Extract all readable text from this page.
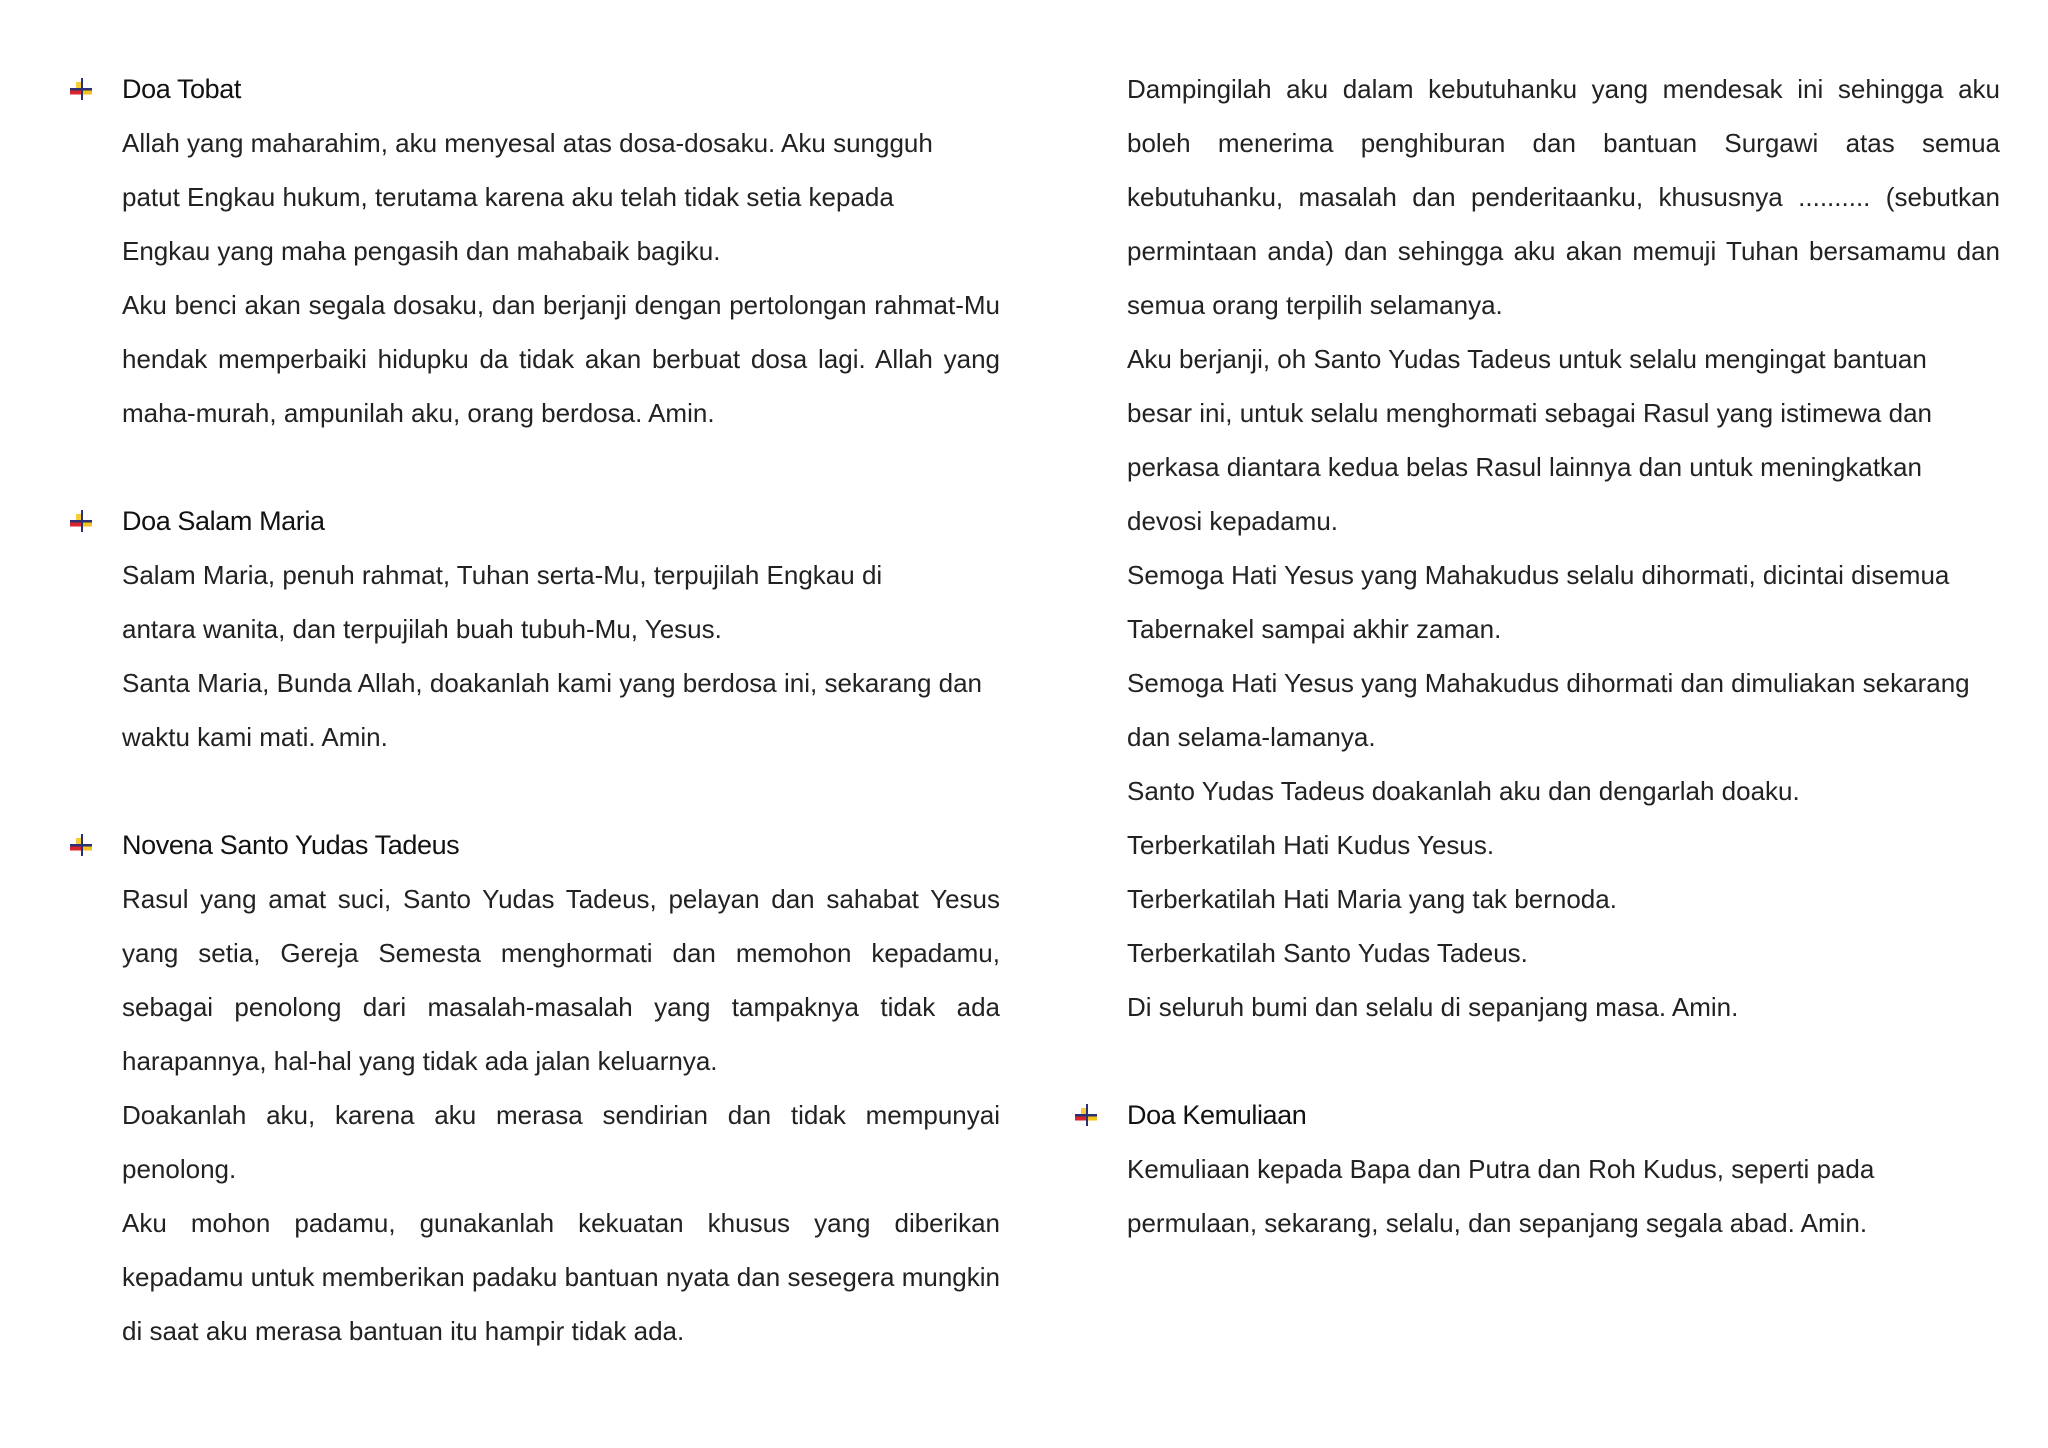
Doa Tobat

Allah yang maharahim, aku menyesal atas dosa-dosaku. Aku sungguh patut Engkau hukum, terutama karena aku telah tidak setia kepada Engkau yang maha pengasih dan mahabaik bagiku.

Aku benci akan segala dosaku, dan berjanji dengan pertolongan rahmat-Mu hendak memperbaiki hidupku da tidak akan berbuat dosa lagi. Allah yang maha-murah, ampunilah aku, orang berdosa. Amin.

Doa Salam Maria

Salam Maria, penuh rahmat, Tuhan serta-Mu, terpujilah Engkau di antara wanita, dan terpujilah buah tubuh-Mu, Yesus.

Santa Maria, Bunda Allah, doakanlah kami yang berdosa ini, sekarang dan waktu kami mati. Amin.

Novena Santo Yudas Tadeus

Rasul yang amat suci, Santo Yudas Tadeus, pelayan dan sahabat Yesus yang setia, Gereja Semesta menghormati dan memohon kepadamu, sebagai penolong dari masalah-masalah yang tampaknya tidak ada harapannya, hal-hal yang tidak ada jalan keluarnya.

Doakanlah aku, karena aku merasa sendirian dan tidak mempunyai penolong.

Aku mohon padamu, gunakanlah kekuatan khusus yang diberikan kepadamu untuk memberikan padaku bantuan nyata dan sesegera mungkin di saat aku merasa bantuan itu hampir tidak ada.

Dampingilah aku dalam kebutuhanku yang mendesak ini sehingga aku boleh menerima penghiburan dan bantuan Surgawi atas semua kebutuhanku, masalah dan penderitaanku, khususnya .......... (sebutkan permintaan anda) dan sehingga aku akan memuji Tuhan bersamamu dan semua orang terpilih selamanya.

Aku berjanji, oh Santo Yudas Tadeus untuk selalu mengingat bantuan besar ini, untuk selalu menghormati sebagai Rasul yang istimewa dan perkasa diantara kedua belas Rasul lainnya dan untuk meningkatkan devosi kepadamu.

Semoga Hati Yesus yang Mahakudus selalu dihormati, dicintai disemua Tabernakel sampai akhir zaman.

Semoga Hati Yesus yang Mahakudus dihormati dan dimuliakan sekarang dan selama-lamanya.

Santo Yudas Tadeus doakanlah aku dan dengarlah doaku.

Terberkatilah Hati Kudus Yesus.

Terberkatilah Hati Maria yang tak bernoda.

Terberkatilah Santo Yudas Tadeus.

Di seluruh bumi dan selalu di sepanjang masa. Amin.

Doa Kemuliaan

Kemuliaan kepada Bapa dan Putra dan Roh Kudus, seperti pada permulaan, sekarang, selalu, dan sepanjang segala abad. Amin.
